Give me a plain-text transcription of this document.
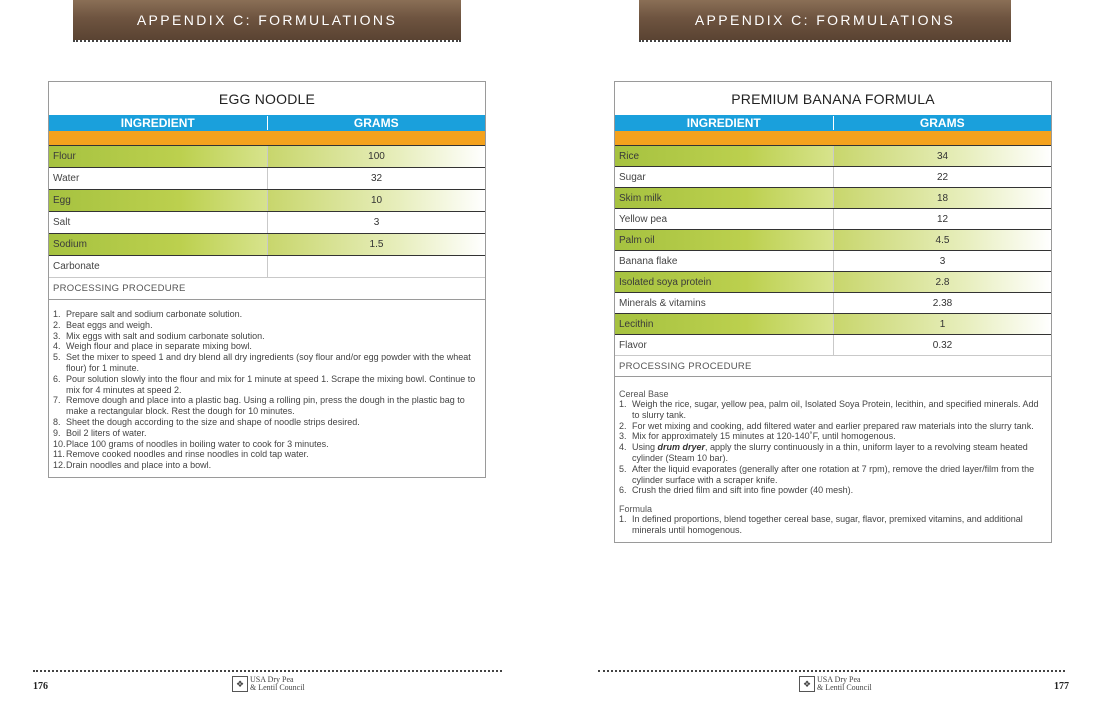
APPENDIX C: FORMULATIONS
EGG NOODLE
INGREDIENT	GRAMS
Flour	100
Water	32
Egg	10
Salt	3
Sodium	1.5
Carbonate
PROCESSING PROCEDURE
1. Prepare salt and sodium carbonate solution.
2. Beat eggs and weigh.
3. Mix eggs with salt and sodium carbonate solution.
4. Weigh flour and place in separate mixing bowl.
5. Set the mixer to speed 1 and dry blend all dry ingredients (soy flour and/or egg powder with the wheat flour) for 1 minute.
6. Pour solution slowly into the flour and mix for 1 minute at speed 1. Scrape the mixing bowl. Continue to mix for 4 minutes at speed 2.
7. Remove dough and place into a plastic bag. Using a rolling pin, press the dough in the plastic bag to make a rectangular block. Rest the dough for 10 minutes.
8. Sheet the dough according to the size and shape of noodle strips desired.
9. Boil 2 liters of water.
10. Place 100 grams of noodles in boiling water to cook for 3 minutes.
11. Remove cooked noodles and rinse noodles in cold tap water.
12. Drain noodles and place into a bowl.
176	❖ USA Dry Pea
& Lentil Council
APPENDIX C: FORMULATIONS
PREMIUM BANANA FORMULA
INGREDIENT	GRAMS
Rice	34
Sugar	22
Skim milk	18
Yellow pea	12
Palm oil	4.5
Banana flake	3
Isolated soya protein	2.8
Minerals & vitamins	2.38
Lecithin	1
Flavor	0.32
PROCESSING PROCEDURE
Cereal Base
1. Weigh the rice, sugar, yellow pea, palm oil, Isolated Soya Protein, lecithin, and specified minerals. Add to slurry tank.
2. For wet mixing and cooking, add filtered water and earlier prepared raw materials into the slurry tank.
3. Mix for approximately 15 minutes at 120-140˚F, until homogenous.
4. Using drum dryer, apply the slurry continuously in a thin, uniform layer to a revolving steam heated cylinder (Steam 10 bar).
5. After the liquid evaporates (generally after one rotation at 7 rpm), remove the dried layer/film from the cylinder surface with a scraper knife.
6. Crush the dried film and sift into fine powder (40 mesh).
Formula
1. In defined proportions, blend together cereal base, sugar, flavor, premixed vitamins, and additional minerals until homogenous.
177
❖ USA Dry Pea
& Lentil Council
